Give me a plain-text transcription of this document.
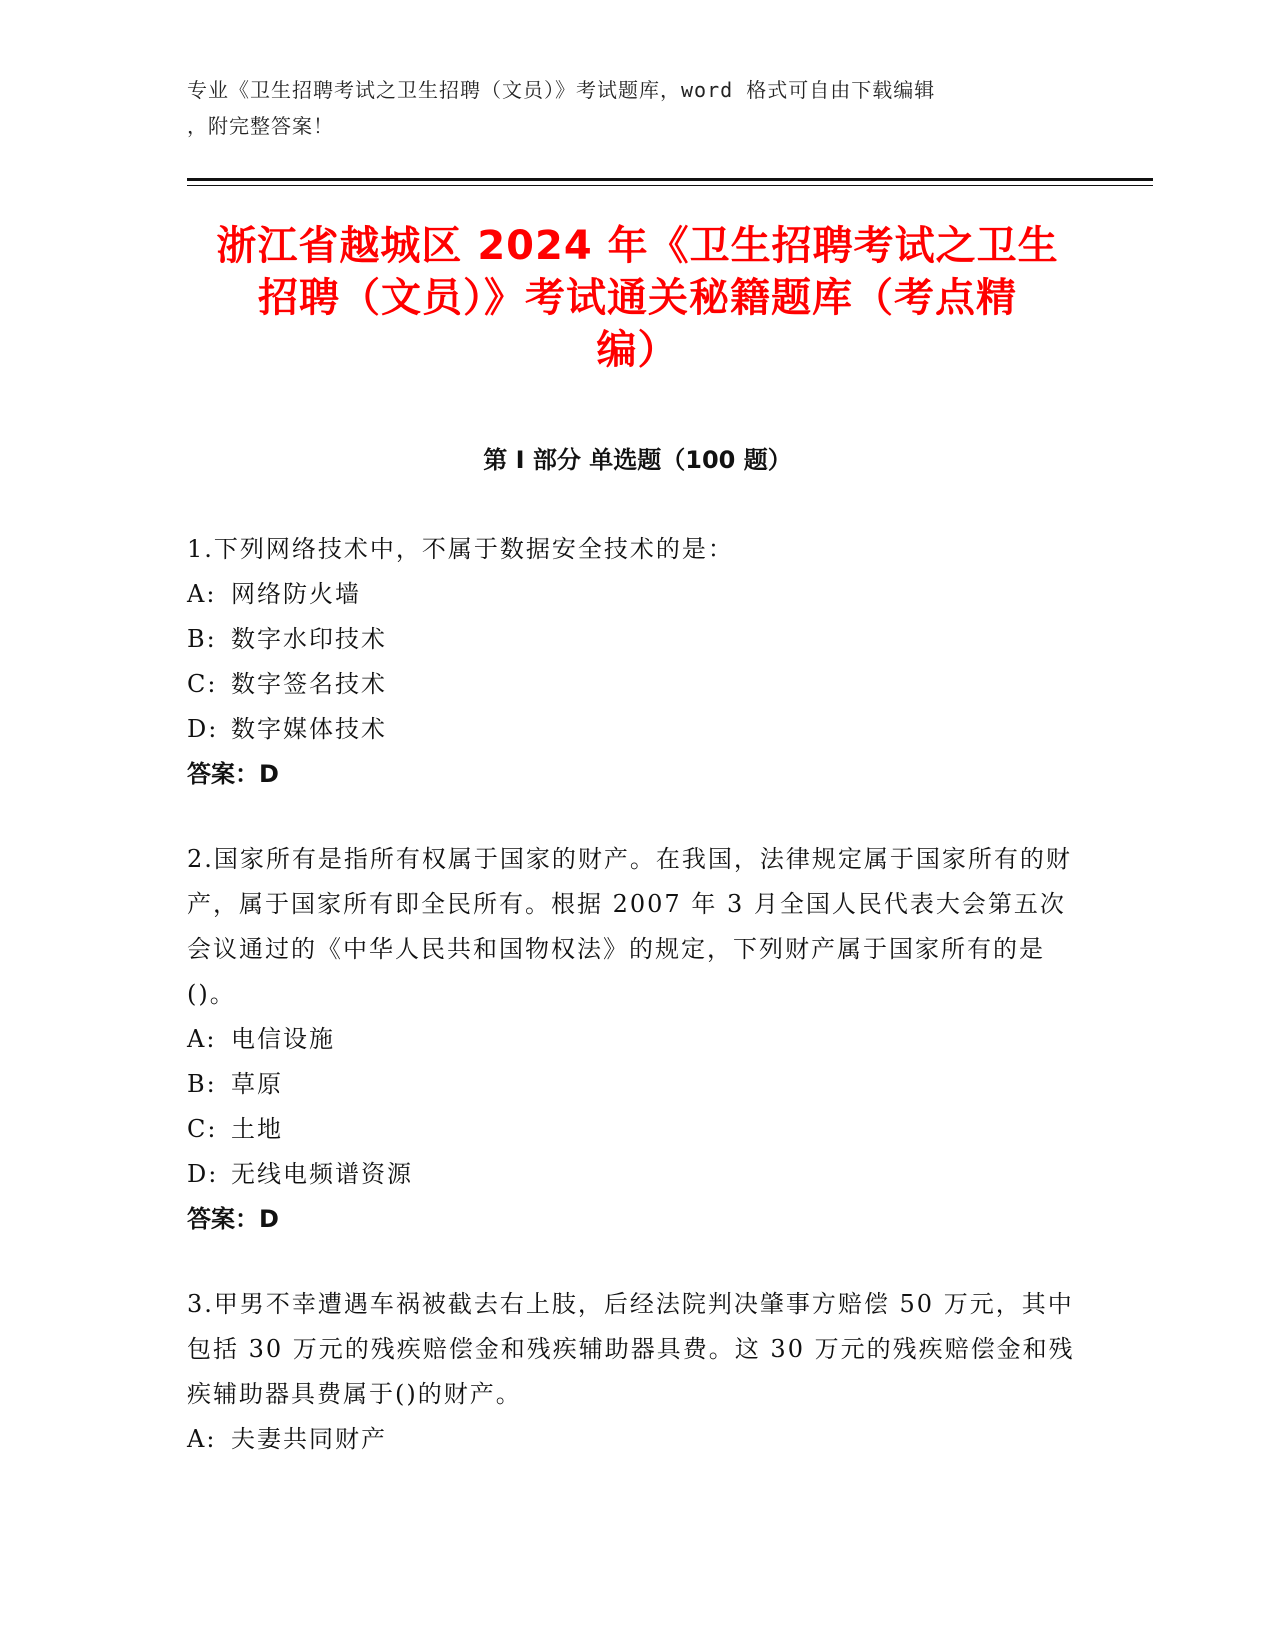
专业《卫生招聘考试之卫生招聘（文员）》考试题库，word 格式可自由下载编辑
，附完整答案！
浙江省越城区 2024 年《卫生招聘考试之卫生
招聘（文员）》考试通关秘籍题库（考点精
编）
第 I 部分 单选题（100 题）
1.下列网络技术中，不属于数据安全技术的是：
A: 网络防火墙
B: 数字水印技术
C: 数字签名技术
D: 数字媒体技术
答案：D
2.国家所有是指所有权属于国家的财产。在我国，法律规定属于国家所有的财产，属于国家所有即全民所有。根据 2007 年 3 月全国人民代表大会第五次会议通过的《中华人民共和国物权法》的规定，下列财产属于国家所有的是()。
A: 电信设施
B: 草原
C: 土地
D: 无线电频谱资源
答案：D
3.甲男不幸遭遇车祸被截去右上肢，后经法院判决肇事方赔偿 50 万元，其中包括 30 万元的残疾赔偿金和残疾辅助器具费。这 30 万元的残疾赔偿金和残疾辅助器具费属于()的财产。
A: 夫妻共同财产
